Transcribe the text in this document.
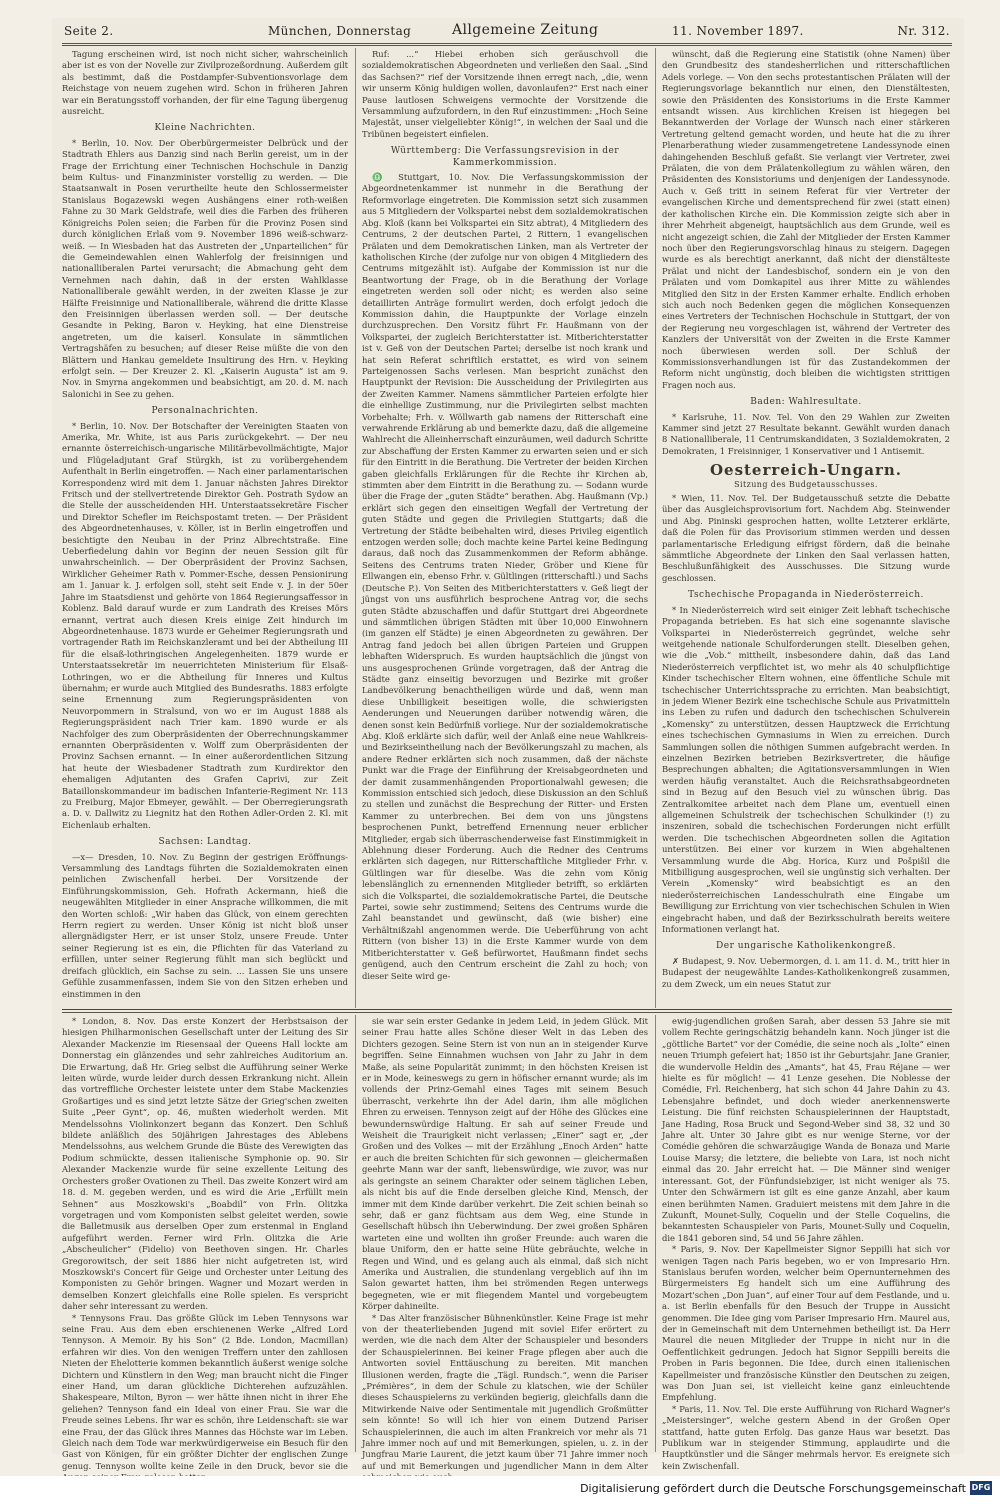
Seite 2.	München, Donnerstag	Allgemeine Zeitung	11. November 1897.	Nr. 312.

Tagung erscheinen wird, ist noch nicht sicher, wahrscheinlich aber ist es von der Novelle zur Zivilprozeßordnung. Außerdem gilt als bestimmt, daß die Postdampfer-Subventionsvorlage dem Reichstage von neuem zugehen wird. Schon in früheren Jahren war ein Beratungsstoff vorhanden, der für eine Tagung übergenug ausreicht.

Kleine Nachrichten.

* Berlin, 10. Nov. Der Oberbürgermeister Delbrück und der Stadtrath Ehlers aus Danzig sind nach Berlin gereist, um in der Frage der Errichtung einer Technischen Hochschule in Danzig beim Kultus- und Finanzminister vorstellig zu werden. — Die Staatsanwalt in Posen verurtheilte heute den Schlossermeister Stanislaus Bogazewski wegen Aushängens einer roth-weißen Fahne zu 30 Mark Geldstrafe, weil dies die Farben des früheren Königreichs Polen seien; die Farben für die Provinz Posen sind durch königlichen Erlaß vom 9. November 1896 weiß-schwarz-weiß. — In Wiesbaden hat das Austreten der „Unparteilichen“ für die Gemeindewahlen einen Wahlerfolg der freisinnigen und nationalliberalen Partei verursacht; die Abmachung geht dem Vernehmen nach dahin, daß in der ersten Wahlklasse Nationalliberale gewählt werden, in der zweiten Klasse je zur Hälfte Freisinnige und Nationalliberale, während die dritte Klasse den Freisinnigen überlassen werden soll. — Der deutsche Gesandte in Peking, Baron v. Heyking, hat eine Dienstreise angetreten, um die kaiserl. Konsulate in sämmtlichen Vertragshäfen zu besuchen; auf dieser Reise müßte die von den Blättern und Hankau gemeldete Insultirung des Hrn. v. Heyking erfolgt sein. — Der Kreuzer 2. Kl. „Kaiserin Augusta“ ist am 9. Nov. in Smyrna angekommen und beabsichtigt, am 20. d. M. nach Salonichi in See zu gehen.

Personalnachrichten.

* Berlin, 10. Nov. Der Botschafter der Vereinigten Staaten von Amerika, Mr. White, ist aus Paris zurückgekehrt. — Der neu ernannte österreichisch-ungarische Militärbevollmächtigte, Major und Flügeladjutant Graf Stürgkh, ist zu vorübergehendem Aufenthalt in Berlin eingetroffen. — Nach einer parlamentarischen Korrespondenz wird mit dem 1. Januar nächsten Jahres Direktor Fritsch und der stellvertretende Direktor Geh. Postrath Sydow an die Stelle der ausscheidenden HH. Unterstaatssekretäre Fischer und Direktor Schefler im Reichspostamt treten. — Der Präsident des Abgeordnetenhauses, v. Köller, ist in Berlin eingetroffen und besichtigte den Neubau in der Prinz Albrechtstraße. Eine Ueberfiedelung dahin vor Beginn der neuen Session gilt für unwahrscheinlich. — Der Oberpräsident der Provinz Sachsen, Wirklicher Geheimer Rath v. Pommer-Esche, dessen Pensionirung am 1. Januar k. J. erfolgen soll, steht seit Ende v. J. in der 50er Jahre im Staatsdienst und gehörte von 1864 Regierungsaffessor in Koblenz. Bald darauf wurde er zum Landrath des Kreises Mörs ernannt, vertrat auch diesen Kreis einige Zeit hindurch im Abgeordnetenhause. 1873 wurde er Geheimer Regierungsrath und vortragender Rath im Reichskanzleramt und bei der Abtheilung III für die elsaß-lothringischen Angelegenheiten. 1879 wurde er Unterstaatssekretär im neuerrichteten Ministerium für Elsaß-Lothringen, wo er die Abtheilung für Inneres und Kultus übernahm; er wurde auch Mitglied des Bundesraths. 1883 erfolgte seine Ernennung zum Regierungspräsidenten von Neuvorpommern in Stralsund, von wo er im August 1888 als Regierungspräsident nach Trier kam. 1890 wurde er als Nachfolger des zum Oberpräsidenten der Oberrechnungskammer ernannten Oberpräsidenten v. Wolff zum Oberpräsidenten der Provinz Sachsen ernannt. — In einer außerordentlichen Sitzung hat heute der Wiesbadener Stadtrath zum Kurdirektor den ehemaligen Adjutanten des Grafen Caprivi, zur Zeit Bataillonskommandeur im badischen Infanterie-Regiment Nr. 113 zu Freiburg, Major Ebmeyer, gewählt. — Der Oberregierungsrath a. D. v. Dallwitz zu Liegnitz hat den Rothen Adler-Orden 2. Kl. mit Eichenlaub erhalten.

Sachsen: Landtag.

—x— Dresden, 10. Nov. Zu Beginn der gestrigen Eröffnungs-Versammlung des Landtags führten die Sozialdemokraten einen peinlichen Zwischenfall herbei. Der Vorsitzende der Einführungskommission, Geh. Hofrath Ackermann, hieß die neugewählten Mitglieder in einer Ansprache willkommen, die mit den Worten schloß: „Wir haben das Glück, von einem gerechten Herrn regiert zu werden. Unser König ist nicht bloß unser allergnädigster Herr, er ist unser Stolz, unsere Freude. Unter seiner Regierung ist es ein, die Pflichten für das Vaterland zu erfüllen, unter seiner Regierung fühlt man sich beglückt und dreifach glücklich, ein Sachse zu sein. ... Lassen Sie uns unsere Gefühle zusammenfassen, indem Sie von den Sitzen erheben und einstimmen in den

Ruf: ...“ Hiebei erhoben sich geräuschvoll die sozialdemokratischen Abgeordneten und verließen den Saal. „Sind das Sachsen?“ rief der Vorsitzende ihnen erregt nach, „die, wenn wir unserm König huldigen wollen, davonlaufen?“ Erst nach einer Pause lautlosen Schweigens vermochte der Vorsitzende die Versammlung aufzufordern, in den Ruf einzustimmen: „Hoch Seine Majestät, unser vielgeliebter König!“, in welchen der Saal und die Tribünen begeistert einfielen.

Württemberg: Die Verfassungsrevision in der Kammerkommission.

♎ Stuttgart, 10. Nov. Die Verfassungskommission der Abgeordnetenkammer ist nunmehr in die Berathung der Reformvorlage eingetreten. Die Kommission setzt sich zusammen aus 5 Mitgliedern der Volkspartei nebst dem sozialdemokratischen Abg. Kloß (kann bei Volkspartei ein Sitz abtrat), 4 Mitgliedern des Centrums, 2 der deutschen Partei, 2 Rittern, 1 evangelischen Prälaten und dem Demokratischen Linken, man als Vertreter der katholischen Kirche (der zufolge nur von obigen 4 Mitgliedern des Centrums mitgezählt ist). Aufgabe der Kommission ist nur die Beantwortung der Frage, ob in die Berathung der Vorlage eingetreten werden soll oder nicht; es werden also seine detaillirten Anträge formulirt werden, doch erfolgt jedoch die Kommission dahin, die Hauptpunkte der Vorlage einzeln durchzusprechen. Den Vorsitz führt Fr. Haußmann von der Volkspartei, der zugleich Berichterstatter ist. Mitberichterstatter ist v. Geß von der Deutschen Partei; derselbe ist noch krank und hat sein Referat schriftlich erstattet, es wird von seinem Parteigenossen Sachs verlesen. Man bespricht zunächst den Hauptpunkt der Revision: Die Ausscheidung der Privilegirten aus der Zweiten Kammer. Namens sämmtlicher Parteien erfolgte hier die einhellige Zustimmung, nur die Privilegirten selbst machten Vorbehalte; Frh. v. Wöllwarth gab namens der Ritterschaft eine verwahrende Erklärung ab und bemerkte dazu, daß die allgemeine Wahlrecht die Alleinherrschaft einzuräumen, weil dadurch Schritte zur Abschaffung der Ersten Kammer zu erwarten seien und er sich für den Eintritt in die Berathung. Die Vertreter der beiden Kirchen gaben gleichfalls Erklärungen für die Rechte ihr Kirchen ab, stimmten aber dem Eintritt in die Berathung zu. — Sodann wurde über die Frage der „guten Städte“ berathen. Abg. Haußmann (Vp.) erklärt sich gegen den einseitigen Wegfall der Vertretung der guten Städte und gegen die Privilegien Stuttgarts; daß die Vertretung der Städte beibehalten wird, dieses Privileg eigentlich entzogen werden solle; doch machte keine Partei keine Bedingung daraus, daß noch das Zusammenkommen der Reform abhänge. Seitens des Centrums traten Nieder, Gröber und Kiene für Ellwangen ein, ebenso Frhr. v. Gültlingen (ritterschaftl.) und Sachs (Deutsche P.). Von Seiten des Mitberichterstatters v. Geß liegt der jüngst von uns ausführlich besprochene Antrag vor, die sechs guten Städte abzuschaffen und dafür Stuttgart drei Abgeordnete und sämmtlichen übrigen Städten mit über 10,000 Einwohnern (im ganzen elf Städte) je einen Abgeordneten zu gewähren. Der Antrag fand jedoch bei allen übrigen Parteien und Gruppen lebhaften Widerspruch. Es wurden hauptsächlich die jüngst von uns ausgesprochenen Gründe vorgetragen, daß der Antrag die Städte ganz einseitig bevorzugen und Bezirke mit großer Landbevölkerung benachtheiligen würde und daß, wenn man diese Unbilligkeit beseitigen wolle, die schwierigsten Aenderungen und Neuerungen darüber notwendig wären, die denen sonst kein Bedürfniß vorliege. Nur der sozialdemokratische Abg. Kloß erklärte sich dafür, weil der Anlaß eine neue Wahlkreis- und Bezirkseintheilung nach der Bevölkerungszahl zu machen, als andere Redner erklärten sich noch zusammen, daß der nächste Punkt war die Frage der Einführung der Kreisabgeordneten und der damit zusammenhängenden Proportionalwahl gewesen; die Kommission entschied sich jedoch, diese Diskussion an den Schluß zu stellen und zunächst die Besprechung der Ritter- und Ersten Kammer zu unterbrechen. Bei dem von uns jüngstens besprochenen Punkt, betreffend Ernennung neuer erblicher Mitglieder, ergab sich überraschenderweise fast Einstimmigkeit in Ablehnung dieser Forderung. Auch die Redner des Centrums erklärten sich dagegen, nur Ritterschaftliche Mitglieder Frhr. v. Gültlingen war für dieselbe. Was die zehn vom König lebenslänglich zu ernennenden Mitglieder betrifft, so erklärten sich die Volkspartei, die sozialdemokratische Partei, die Deutsche Partei, sowie sehr zustimmend; Seitens des Centrums wurde die Zahl beanstandet und gewünscht, daß (wie bisher) eine Verhältnißzahl angenommen werde. Die Ueberführung von acht Rittern (von bisher 13) in die Erste Kammer wurde von dem Mitberichterstatter v. Geß befürwortet, Haußmann findet sechs genügend, auch den Centrum erscheint die Zahl zu hoch; von dieser Seite wird ge-

wünscht, daß die Regierung eine Statistik (ohne Namen) über den Grundbesitz des standesherrlichen und ritterschaftlichen Adels vorlege. — Von den sechs protestantischen Prälaten will der Regierungsvorlage bekanntlich nur einen, den Dienstältesten, sowie den Präsidenten des Konsistoriums in die Erste Kammer entsandt wissen. Aus kirchlichen Kreisen ist hiegegen bei Bekanntwerden der Vorlage der Wunsch nach einer stärkeren Vertretung geltend gemacht worden, und heute hat die zu ihrer Plenarberathung wieder zusammengetretene Landessynode einen dahingehenden Beschluß gefaßt. Sie verlangt vier Vertreter, zwei Prälaten, die von dem Prälatenkollegium zu wählen wären, den Präsidenten des Konsistoriums und denjenigen der Landessynode. Auch v. Geß tritt in seinem Referat für vier Vertreter der evangelischen Kirche und dementsprechend für zwei (statt einen) der katholischen Kirche ein. Die Kommission zeigte sich aber in ihrer Mehrheit abgeneigt, hauptsächlich aus dem Grunde, weil es nicht angezeigt schien, die Zahl der Mitglieder der Ersten Kammer noch über den Regierungsvorschlag hinaus zu steigern. Dagegen wurde es als berechtigt anerkannt, daß nicht der dienstälteste Prälat und nicht der Landesbischof, sondern ein je von den Prälaten und vom Domkapitel aus ihrer Mitte zu wählendes Mitglied den Sitz in der Ersten Kammer erhalte. Endlich erhoben sich auch noch Bedenken gegen die möglichen Konsequenzen eines Vertreters der Technischen Hochschule in Stuttgart, der von der Regierung neu vorgeschlagen ist, während der Vertreter des Kanzlers der Universität von der Zweiten in die Erste Kammer noch überwiesen werden soll. Der Schluß der Kommissionsverhandlungen ist für das Zustandekommen der Reform nicht ungünstig, doch bleiben die wichtigsten strittigen Fragen noch aus.

Baden: Wahlresultate.

* Karlsruhe, 11. Nov. Tel. Von den 29 Wahlen zur Zweiten Kammer sind jetzt 27 Resultate bekannt. Gewählt wurden danach 8 Nationalliberale, 11 Centrumskandidaten, 3 Sozialdemokraten, 2 Demokraten, 1 Freisinniger, 1 Konservativer und 1 Antisemit.

Oesterreich-Ungarn.
Sitzung des Budgetausschusses.

* Wien, 11. Nov. Tel. Der Budgetausschuß setzte die Debatte über das Ausgleichsprovisorium fort. Nachdem Abg. Steinwender und Abg. Pininski gesprochen hatten, wollte Letzterer erklärte, daß die Polen für das Provisorium stimmen werden und dessen parlamentarische Erledigung eifrigst fördern, daß die beinahe sämmtliche Abgeordnete der Linken den Saal verlassen hatten, Beschlußunfähigkeit des Ausschusses. Die Sitzung wurde geschlossen.

Tschechische Propaganda in Niederösterreich.

* In Niederösterreich wird seit einiger Zeit lebhaft tschechische Propaganda betrieben. Es hat sich eine sogenannte slavische Volkspartei in Niederösterreich gegründet, welche sehr weitgehende nationale Schulforderungen stellt. Dieselben gehen, wie die „Vob.“ mittheilt, insbesondere dahin, daß das Land Niederösterreich verpflichtet ist, wo mehr als 40 schulpflichtige Kinder tschechischer Eltern wohnen, eine öffentliche Schule mit tschechischer Unterrichtssprache zu errichten. Man beabsichtigt, in jedem Wiener Bezirk eine tschechische Schule aus Privatmitteln ins Leben zu rufen und dadurch den tschechischen Schulverein „Komensky“ zu unterstützen, dessen Hauptzweck die Errichtung eines tschechischen Gymnasiums in Wien zu erreichen. Durch Sammlungen sollen die nöthigen Summen aufgebracht werden. In einzelnen Bezirken betrieben Bezirksvertreter, die häufige Besprechungen abhalten; die Agitationsversammlungen in Wien werden häufig veranstaltet. Auch die Reichsrathsabgeordneten sind in Bezug auf den Besuch viel zu wünschen übrig. Das Zentralkomitee arbeitet nach dem Plane um, eventuell einen allgemeinen Schulstreik der tschechischen Schulkinder (!) zu inszeniren, sobald die tschechischen Forderungen nicht erfüllt werden. Die tschechischen Abgeordneten sollen die Agitation unterstützen. Bei einer vor kurzem in Wien abgehaltenen Versammlung wurde die Abg. Horica, Kurz und Pošpišil die Mitbilligung ausgesprochen, weil sie ungünstig sich verhalten. Der Verein „Komensky“ wird beabsichtigt es an den niederösterreichischen Landesschulrath eine Eingabe um Bewilligung zur Errichtung von vier tschechischen Schulen in Wien eingebracht haben, und daß der Bezirksschulrath bereits weitere Informationen verlangt hat.

Der ungarische Katholikenkongreß.

✗ Budapest, 9. Nov. Uebermorgen, d. i. am 11. d. M., tritt hier in Budapest der neugewählte Landes-Katholikenkongreß zusammen, zu dem Zweck, um ein neues Statut zur

* London, 8. Nov. Das erste Konzert der Herbstsaison der hiesigen Philharmonischen Gesellschaft unter der Leitung des Sir Alexander Mackenzie im Riesensaal der Queens Hall lockte am Donnerstag ein glänzendes und sehr zahlreiches Auditorium an. Die Erwartung, daß Hr. Grieg selbst die Aufführung seiner Werke leiten würde, wurde leider durch dessen Erkrankung nicht. Allein das vortreffliche Orchester leistete unter dem Stabe Mackenzies Großartiges und es sind jetzt letzte Sätze der Grieg'schen zweiten Suite „Peer Gynt“, op. 46, mußten wiederholt werden. Mit Mendelssohns Violinkonzert begann das Konzert. Den Schluß bildete anläßlich des 50jährigen Jahrestages des Ablebens Mendelssohns, aus welchem Grunde die Büste des Verewigten das Podium schmückte, dessen italienische Symphonie op. 90. Sir Alexander Mackenzie wurde für seine exzellente Leitung des Orchesters großer Ovationen zu Theil. Das zweite Konzert wird am 18. d. M. gegeben werden, und es wird die Arie „Erfüllt mein Sehnen“ aus Moszkowski's „Boabdil“ von Frln. Olitzka vorgetragen und vom Komponisten selbst geleitet werden, sowie die Balletmusik aus derselben Oper zum erstenmal in England aufgeführt werden. Ferner wird Frln. Olitzka die Arie „Abscheulicher“ (Fidelio) von Beethoven singen. Hr. Charles Gregorowitsch, der seit 1886 hier nicht aufgetreten ist, wird Moszkowski's Concert für Geige und Orchester unter Leitung des Komponisten zu Gehör bringen. Wagner und Mozart werden in demselben Konzert gleichfalls eine Rolle spielen. Es verspricht daher sehr interessant zu werden.

* Tennysons Frau. Das größte Glück im Leben Tennysons war seine Frau. Aus dem eben erschienenen Werke „Alfred Lord Tennyson. A Memoir. By his Son“ (2 Bde. London, Macmillan) erfahren wir dies. Von den wenigen Treffern unter den zahllosen Nieten der Ehelotterie kommen bekanntlich äußerst wenige solche Dichtern und Künstlern in den Weg; man braucht nicht die Finger einer Hand, um daran glückliche Dichterehen aufzuzählen. Shakespeare, Milton, Byron — wer hätte ihnen nicht in ihrer Ehe geliehen? Tennyson fand ein Ideal von einer Frau. Sie war die Freude seines Lebens. Ihr war es schön, ihre Leidenschaft: sie war eine Frau, der das Glück ihres Mannes das Höchste war im Leben. Gleich nach dem Tode war merkwürdigerweise ein Besuch für den Gast von Königen, für ein größter Dichter der englischen Zunge genug. Tennyson wollte keine Zeile in den Druck, bevor sie die

sie war sein erster Gedanke in jedem Leid, in jedem Glück. Mit seiner Frau hatte alles Schöne dieser Welt in das Leben des Dichters gezogen. Seine Stern ist von nun an in steigender Kurve begriffen. Seine Einnahmen wuchsen von Jahr zu Jahr in dem Maße, als seine Popularität zunimmt; in den höchsten Kreisen ist er in Mode, keineswegs zu gern in höfischer ernannt wurde; als im vollends der Prinz-Gemahl eines Tages mit seinem Besuch überrascht, verkehrte ihn der Adel darin, ihm alle möglichen Ehren zu erweisen. Tennyson zeigt auf der Höhe des Glückes eine bewundernswürdige Haltung. Er sah auf seiner Freude und Weisheit die Traurigkeit nicht verlassen; „Einer“ sagt er, „der Großen und des Volkes — mit der Erzählung „Enoch Arden“ hatte er auch die breiten Schichten für sich gewonnen — gleichermaßen geehrte Mann war der sanft, liebenswürdige, wie zuvor, was nur als geringste an seinem Charakter oder seinem täglichen Leben, als nicht bis auf die Ende derselben gleiche Kind, Mensch, der immer mit dem Kinde darüber verkehrt. Die Zeit schien beinah so sehr, daß er ganz füchtsam aus dem Weg, eine Stunde in Gesellschaft hübsch ihn Ueberwindung. Der zwei großen Sphären warteten eine und wollten ihn großer Freunde: auch waren die blaue Uniform, den er hatte seine Hüte gebräuchte, welche in Regen und Wind, und es gelang auch als einmal, daß sich nicht Amerika und Australien, die stundenlang vergeblich auf ihn im Salon gewartet hatten, ihm bei strömenden Regen unterwegs begegneten, wie er mit fliegendem Mantel und vorgebeugtem Körper dahineilte.

* Das Alter französischer Bühnenkünstler. Keine Frage ist mehr von der theaterliebenden Jugend mit soviel Eifer erörtert zu werden, wie die nach dem Alter der Schauspieler und besonders der Schauspielerinnen. Bei keiner Frage pflegen aber auch die Antworten soviel Enttäuschung zu bereiten. Mit manchen Illusionen werden, fragte die „Tägl. Rundsch.“, wenn die Pariser „Prémières“, in dem der Schule zu klatschen, wie der Schüler dieses Schauspielerns zu verkünden begierig, gleichfalls dann die Mitwirkende Naive oder Sentimentale mit jugendlich Großmütter sein könnte! So will ich hier von einem Dutzend Pariser Schauspielerinnen, die auch im alten Frankreich vor mehr als 71 Jahre immer noch auf und mit Bemerkungen, spielen, u. z. in der Jungfrau Marie Laurent, die jetzt kaum über 71 Jahre immer noch auf und mit Bemerkungen und jugendlicher Mann in dem Alter

ewig-jugendlichen großen Sarah, aber dessen 53 Jahre sie mit vollem Rechte geringschätzig behandeln kann. Noch jünger ist die „göttliche Bartet“ vor der Comédie, die seine noch als „Iolte“ einen neuen Triumph gefeiert hat; 1850 ist ihr Geburtsjahr. Jane Granier, die wundervolle Heldin des „Amants“, hat 45, Frau Réjane — wer hielte es für möglich! — 41 Lenze gesehen. Die Noblesse der Comédie, Frl. Reichenberg, hat sich schon 44 Jahre Dahin zu 43. Lebensjahre befindet, und doch wieder anerkennenswerte Leistung. Die fünf reichsten Schauspielerinnen der Hauptstadt, Jane Hading, Rosa Bruck und Segond-Weber sind 38, 32 und 30 Jahre alt. Unter 30 Jahre gibt es nur wenige Sterne, vor der Comédie gehören die schwarzäugige Wanda de Bonaza und Marie Louise Marsy; die letztere, die beliebte von Lara, ist noch nicht einmal das 20. Jahr erreicht hat. — Die Männer sind weniger interessant. Got, der Fünfundsiebziger, ist nicht weniger als 75. Unter den Schwärmern ist gilt es eine ganze Anzahl, aber kaum einen berühmten Namen. Graduiert meistens mit dem Jahre in die Zukunft, Mounet-Sully, Coquelin und der Stelle Coquelins, die bekanntesten Schauspieler von Paris, Mounet-Sully und Coquelin, die 1841 geboren sind, 54 und 56 Jahre zählen.

* Paris, 9. Nov. Der Kapellmeister Signor Seppilli hat sich vor wenigen Tagen nach Paris begeben, wo er von Impresario Hrn. Stanislaus berufen worden, welcher beim Opernunternehmen des Bürgermeisters Eg handelt sich um eine Aufführung des Mozart'schen „Don Juan“, auf einer Tour auf dem Festlande, und u. a. ist Berlin ebenfalls für den Besuch der Truppe in Aussicht genommen. Die Idee ging vom Pariser Impresario Hrn. Maurel aus, der in Gemeinschaft mit dem Unternehmen betheiligt ist. Da Herr Maurel die neuen Mitglieder der Truppe in nicht nur in die Oeffentlichkeit gedrungen. Jedoch hat Signor Seppilli bereits die Proben in Paris begonnen. Die Idee, durch einen italienischen Kapellmeister und französische Künstler den Deutschen zu zeigen, was Don Juan sei, ist vielleicht keine ganz einleuchtende Empfehlung.

* Paris, 11. Nov. Tel. Die erste Aufführung von Richard Wagner's „Meistersinger“, welche gestern Abend in der Großen Oper stattfand, hatte guten Erfolg. Das ganze Haus war besetzt. Das Publikum war in steigender Stimmung, applaudirte und die Hauptkünstler und die Sänger mehrmals hervor. Es ereignete sich kein Zwischenfall.

Digitalisierung gefördert durch die Deutsche Forschungsgemeinschaft DFG
